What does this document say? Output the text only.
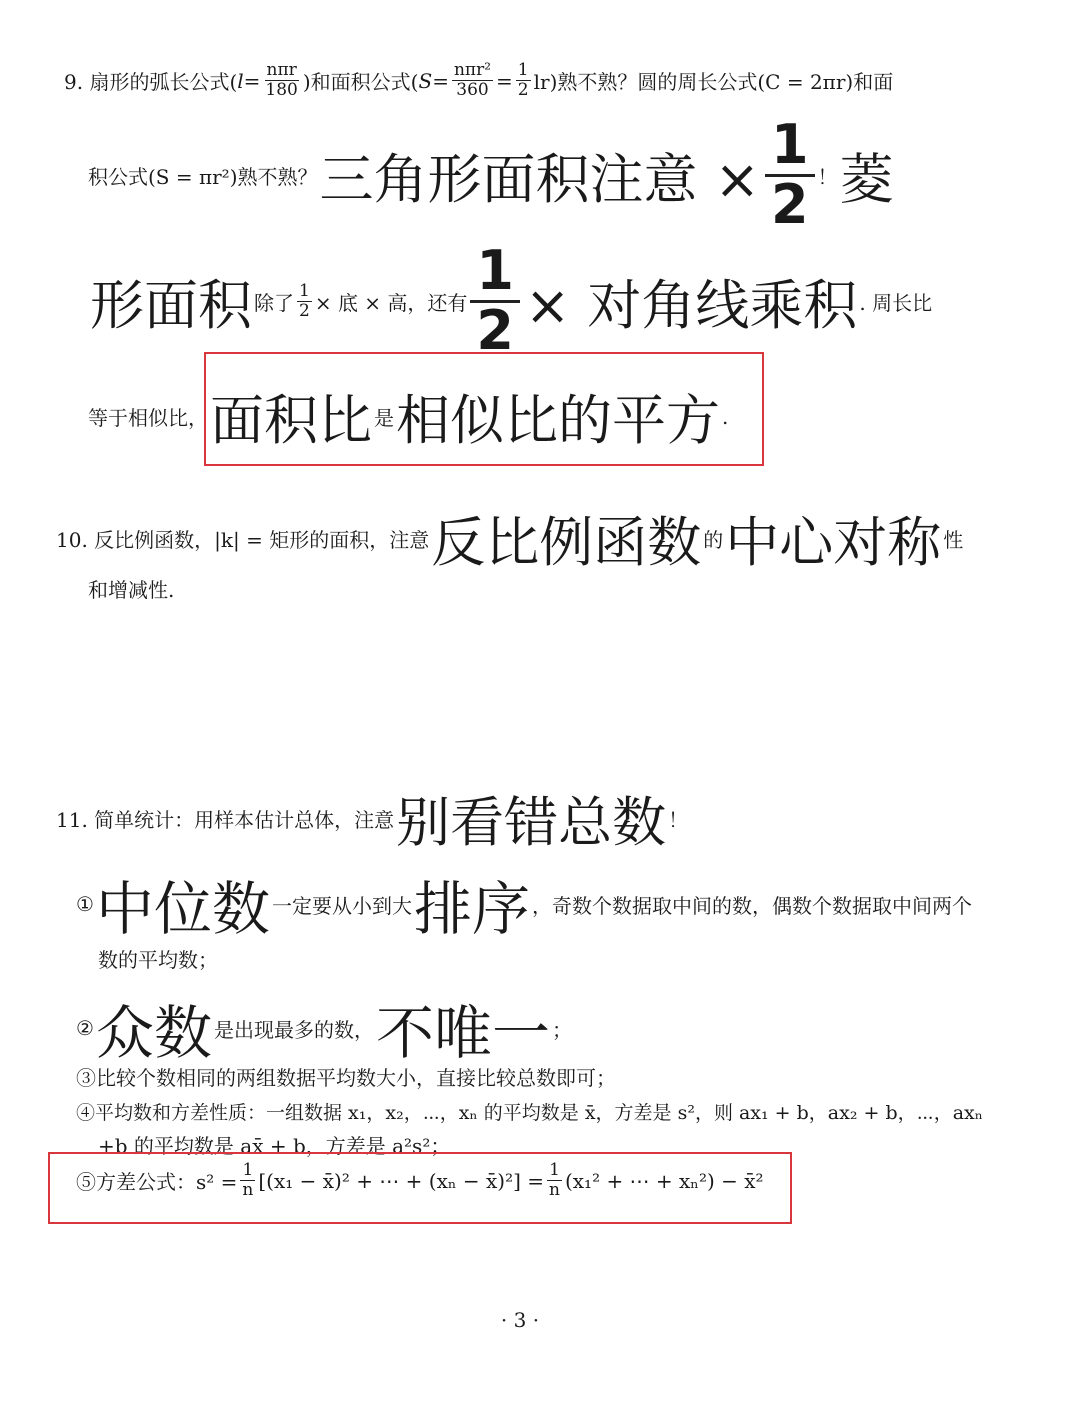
9. 扇形的弧长公式( $l = \frac{\text{nπr}}{180}$ )和面积公式( $S = \frac{\text{nπr²}}{360} = \frac{1}{2} lr$)熟不熟？圆的周长公式(C = 2πr)和面
积公式(S = πr²)熟不熟？ 三角形面积注意 × $\frac{1}{2}$ ！ 菱
形面积 除了 $\frac{1}{2}$ × 底 × 高，还有 $\frac{1}{2}$ × 对角线乘积 . 周长比
等于相似比， 面积比 是 相似比的平方 .
10. 反比例函数，|k| = 矩形的面积，注意 反比例函数 的 中心对称 性
和增减性.
11. 简单统计：用样本估计总体，注意 别看错总数 ！
① 中位数 一定要从小到大 排序 ，奇数个数据取中间的数，偶数个数据取中间两个
数的平均数；
② 众数 是出现最多的数， 不唯一 ；
③比较个数相同的两组数据平均数大小，直接比较总数即可；
④平均数和方差性质：一组数据 x₁，x₂，⋯，xₙ 的平均数是 x̄，方差是 s²，则 ax₁ + b，ax₂ + b，⋯，axₙ
+b 的平均数是 ax̄ + b，方差是 a²s²；
⑤方差公式：$s^2 = \frac{1}{n} [(x_1$ − x̄)² + ⋯ + (xₙ − x̄)²] = $\frac{1}{n} (x_1^2$ + ⋯ + xₙ²) − x̄²
· 3 ·
